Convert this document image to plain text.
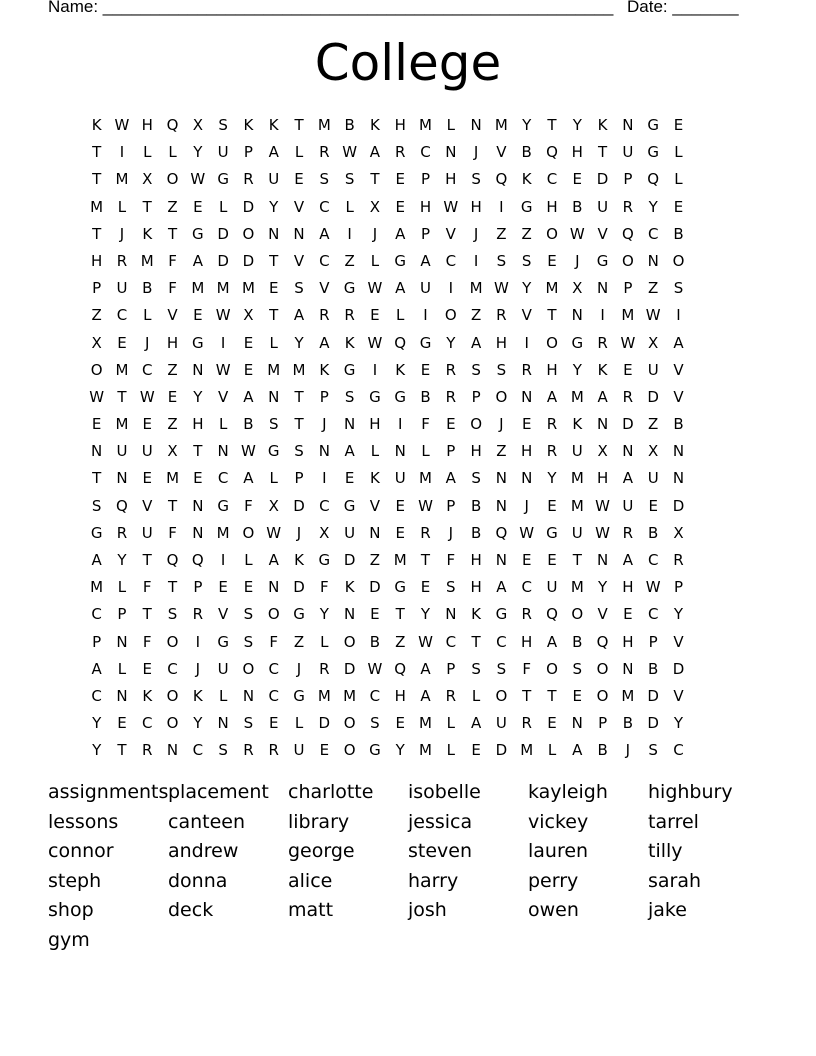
Name: ______________________________________________________ Date: _______
College
K W H Q X	S	K	K	T M B	K H M L	N M Y	T	Y	K N G E
T	I	L	L	Y	U	P	A	L	R W A R C N	J	V	B Q H	T	U G	L
T M X O W G R U	E	S	S	T	E	P	H S Q K	C	E D	P Q	L
M L	T	Z	E	L	D Y	V C	L	X	E H W H	I	G H B U R	Y	E
T	J	K	T G D O N N A	I	J	A	P	V	J	Z	Z O W V Q C B
H R M F	A D D T	V C Z	L	G A C	I	S	S	E	J	G O N O
P	U B	F M M M E	S	V G W A U	I	M W Y M X N	P	Z	S
Z C	L	V	E W X	T	A R R	E	L	I	O Z R V	T	N	I	M W	I
X	E	J	H G	I	E	L	Y	A	K W Q G Y	A H	I	O G R W X	A
O M C Z N W E M M K G	I	K	E	R	S	S	R H	Y	K	E	U V
W T W E	Y	V	A N	T	P	S G G B R	P O N A M A R D V
E M E	Z H	L	B	S	T	J	N H	I	F	E O	J	E	R	K N D Z	B
N U U X	T	N W G S N A	L	N	L	P	H Z H R U X N X N
T	N E M E	C A	L	P	I	E	K U M A	S N N	Y M H A U N
S Q V	T	N G	F	X D C G V	E W P	B N	J	E M W U	E D
G R U	F	N M O W	J	X U N E	R	J	B Q W G U W R B	X
A	Y	T Q Q	I	L	A	K G D Z M T	F	H N E	E	T	N A C R
M L	F	T	P	E	E N D	F	K D G E	S H A C U M Y	H W P
C	P	T	S	R V	S O G Y	N E	T	Y	N K G R Q O V	E	C	Y
P	N	F	O	I	G S	F	Z	L	O B	Z W C	T	C H A	B Q H	P	V
A	L	E	C	J	U O C	J	R D W Q A	P	S	S	F	O S O N B D
C N K O K	L	N C G M M C H A R	L	O T	T	E O M D V
Y	E	C O Y	N S	E	L	D O S	E M L	A U R	E N	P	B D Y
Y	T	R N C	S	R R U	E O G Y M L	E D M L	A	B	J	S	C
assignments placement	charlotte	isobelle	kayleigh	highbury
lessons	canteen	library	jessica	vickey	tarrel
connor	andrew	george	steven	lauren	tilly
steph	donna	alice	harry	perry	sarah
shop	deck	matt	josh	owen	jake
gym
